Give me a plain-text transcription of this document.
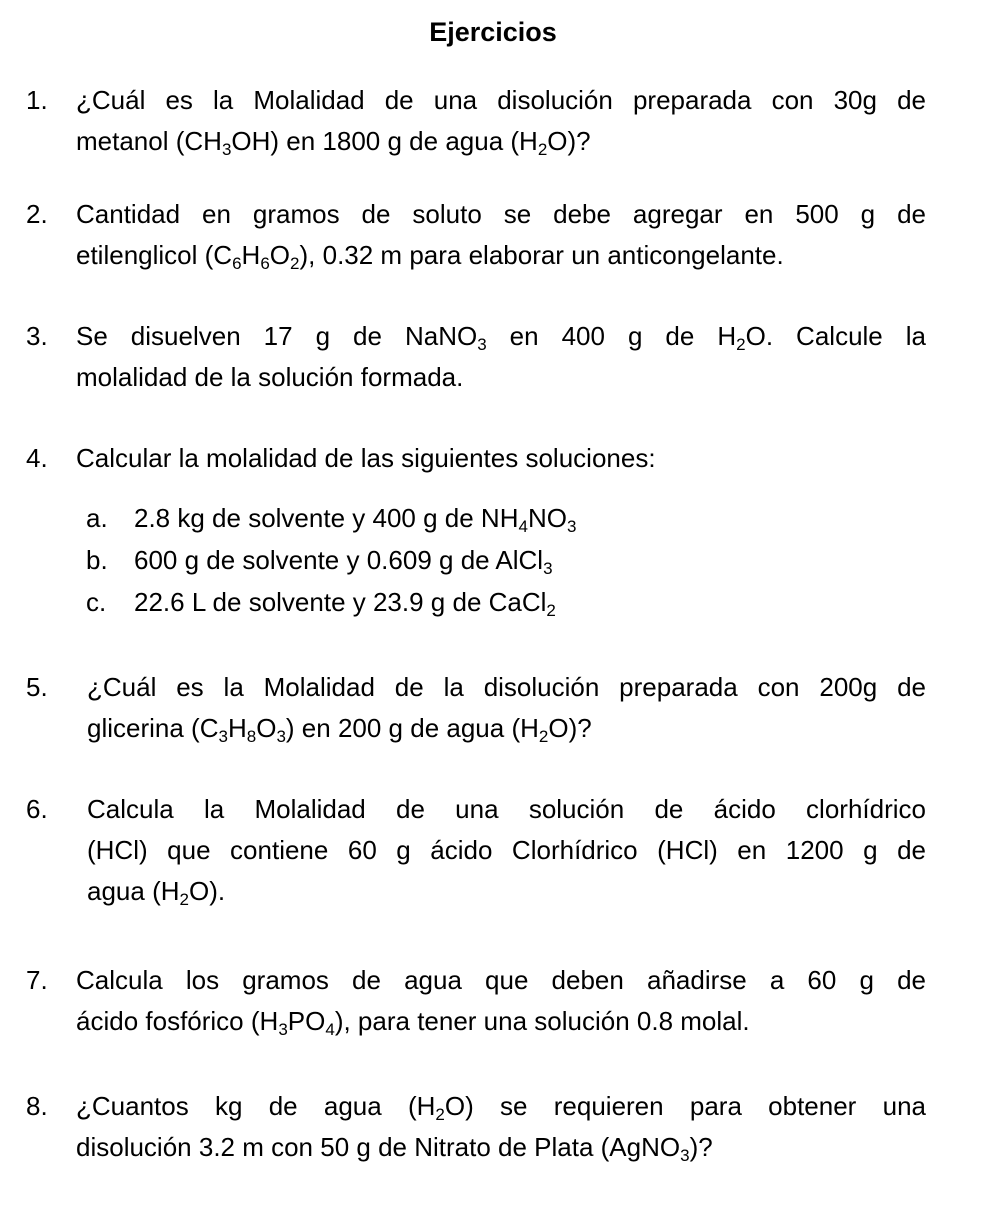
Ejercicios
1.	¿Cuál es la Molalidad de una disolución preparada con 30g de
metanol $(CH_3OH)$ en 1800 g de agua $(H_2O)$?
2.	Cantidad en gramos de soluto se debe agregar en 500 g de
etilenglicol $(C_6H_6O_2)$, 0.32 m para elaborar un anticongelante.
3.	Se disuelven 17 g de NaNO$_3$ en 400 g de $H_2O$. Calcule la
molalidad de la solución formada.
4.	Calcular la molalidad de las siguientes soluciones:
a.	2.8 kg de solvente y 400 g de $NH_4NO_3$
b.	600 g de solvente y 0.609 g de AlCl$_3$
c.	22.6 L de solvente y 23.9 g de CaCl$_2$
5.	¿Cuál es la Molalidad de la disolución preparada con 200g de
glicerina $(C_3H_8O_3)$ en 200 g de agua $(H_2O)$?
6.	Calcula la Molalidad de una solución de ácido clorhídrico
(HCl) que contiene 60 g ácido Clorhídrico (HCl) en 1200 g de
agua $(H_2O)$.
7.	Calcula los gramos de agua que deben añadirse a 60 g de
ácido fosfórico $(H_3PO_4)$, para tener una solución 0.8 molal.
8.	¿Cuantos kg de agua $(H_2O)$ se requieren para obtener una
disolución 3.2 m con 50 g de Nitrato de Plata (AgNO$_3$)?
